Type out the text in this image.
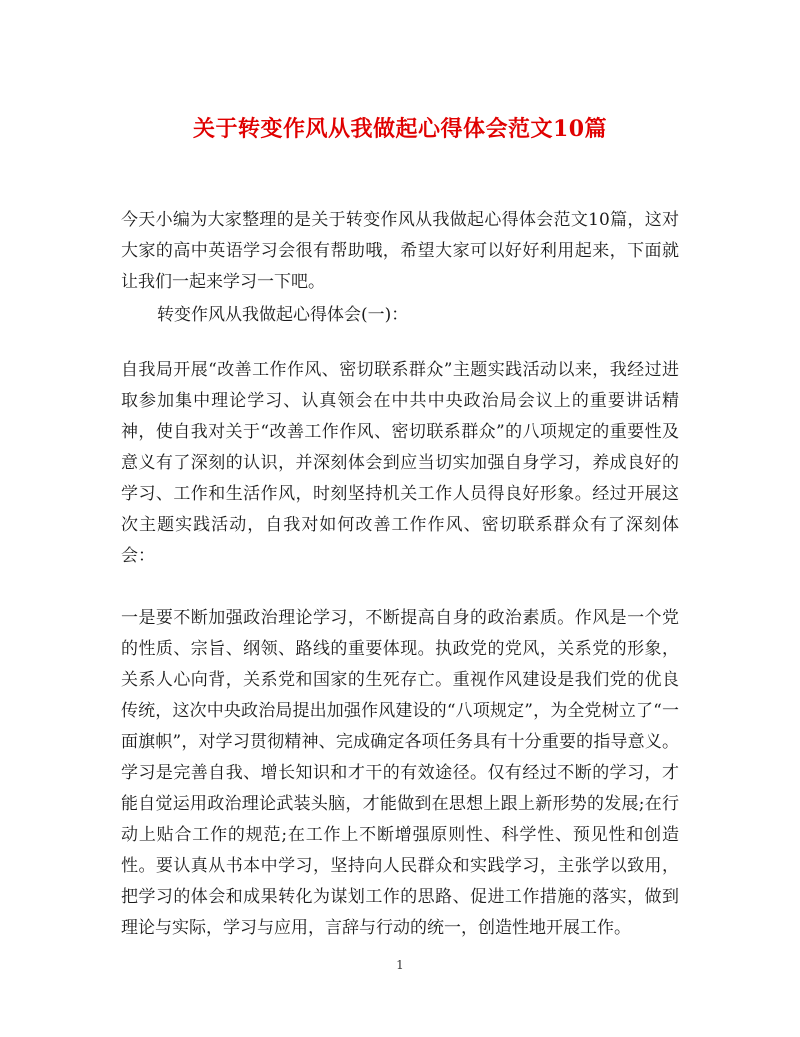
关于转变作风从我做起心得体会范文10篇

今天小编为大家整理的是关于转变作风从我做起心得体会范文10篇，这对大家的高中英语学习会很有帮助哦，希望大家可以好好利用起来，下面就让我们一起来学习一下吧。

转变作风从我做起心得体会(一)：

自我局开展“改善工作作风、密切联系群众”主题实践活动以来，我经过进取参加集中理论学习、认真领会在中共中央政治局会议上的重要讲话精神，使自我对关于“改善工作作风、密切联系群众”的八项规定的重要性及意义有了深刻的认识，并深刻体会到应当切实加强自身学习，养成良好的学习、工作和生活作风，时刻坚持机关工作人员得良好形象。经过开展这次主题实践活动，自我对如何改善工作作风、密切联系群众有了深刻体会：

一是要不断加强政治理论学习，不断提高自身的政治素质。作风是一个党的性质、宗旨、纲领、路线的重要体现。执政党的党风，关系党的形象，关系人心向背，关系党和国家的生死存亡。重视作风建设是我们党的优良传统，这次中央政治局提出加强作风建设的“八项规定”，为全党树立了“一面旗帜”，对学习贯彻精神、完成确定各项任务具有十分重要的指导意义。学习是完善自我、增长知识和才干的有效途径。仅有经过不断的学习，才能自觉运用政治理论武装头脑，才能做到在思想上跟上新形势的发展;在行动上贴合工作的规范;在工作上不断增强原则性、科学性、预见性和创造性。要认真从书本中学习，坚持向人民群众和实践学习，主张学以致用，把学习的体会和成果转化为谋划工作的思路、促进工作措施的落实，做到理论与实际，学习与应用，言辞与行动的统一，创造性地开展工作。

1
